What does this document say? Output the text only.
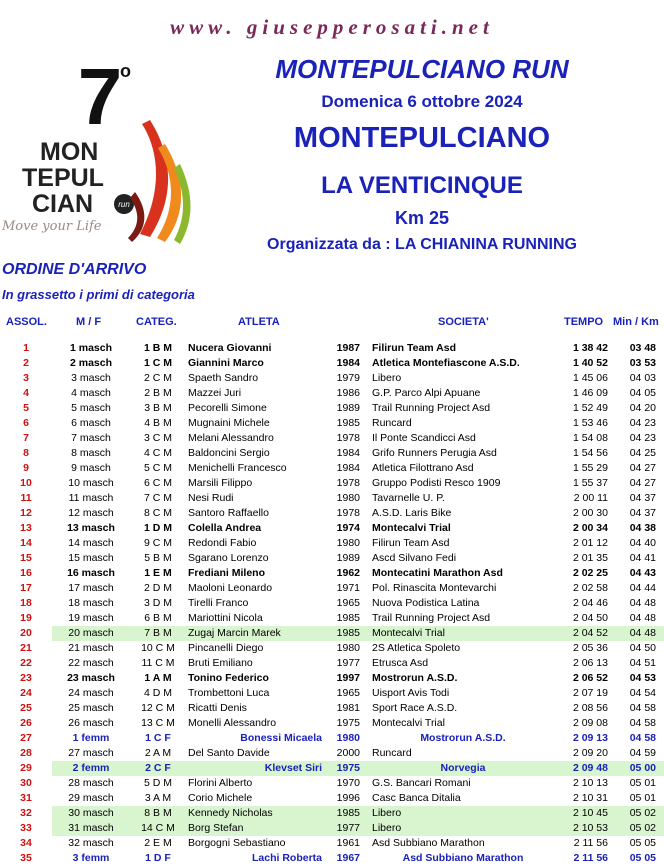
www. giusepperosati.net
7
o
MON
TEPUL
CIAN	run
Move your Life

MONTEPULCIANO RUN

Domenica 6 ottobre 2024

MONTEPULCIANO

LA VENTICINQUE

Km 25

Organizzata da : LA CHIANINA RUNNING

ORDINE D'ARRIVO

In grassetto i primi di categoria

ASSOL.	M / F	CATEG.	ATLETA	SOCIETA'	TEMPO Min / Km
1	1 masch	1 B M	Nucera Giovanni	1987	Filirun Team Asd	1 38 42	03 48
2	2 masch	1 C M	Giannini Marco	1984	Atletica Montefiascone A.S.D.	1 40 52	03 53
3	3 masch	2 C M	Spaeth Sandro	1979	Libero	1 45 06	04 03
4	4 masch	2 B M	Mazzei Juri	1986	G.P. Parco Alpi Apuane	1 46 09	04 05
5	5 masch	3 B M	Pecorelli Simone	1989	Trail Running Project Asd	1 52 49	04 20
6	6 masch	4 B M	Mugnaini Michele	1985	Runcard	1 53 46	04 23
7	7 masch	3 C M	Melani Alessandro	1978	Il Ponte Scandicci Asd	1 54 08	04 23
8	8 masch	4 C M	Baldoncini Sergio	1984	Grifo Runners Perugia Asd	1 54 56	04 25
9	9 masch	5 C M	Menichelli Francesco	1984	Atletica Filottrano Asd	1 55 29	04 27
10	10 masch	6 C M	Marsili Filippo	1978	Gruppo Podisti Resco 1909	1 55 37	04 27
11	11 masch	7 C M	Nesi Rudi	1980	Tavarnelle U. P.	2 00 11	04 37
12	12 masch	8 C M	Santoro Raffaello	1978	A.S.D. Laris Bike	2 00 30	04 37
13	13 masch	1 D M	Colella Andrea	1974	Montecalvi Trial	2 00 34	04 38
14	14 masch	9 C M	Redondi Fabio	1980	Filirun Team Asd	2 01 12	04 40
15	15 masch	5 B M	Sgarano Lorenzo	1989	Ascd Silvano Fedi	2 01 35	04 41
16	16 masch	1 E M	Frediani Mileno	1962	Montecatini Marathon Asd	2 02 25	04 43
17	17 masch	2 D M	Maoloni Leonardo	1971	Pol. Rinascita Montevarchi	2 02 58	04 44
18	18 masch	3 D M	Tirelli Franco	1965	Nuova Podistica Latina	2 04 46	04 48
19	19 masch	6 B M	Mariottini Nicola	1985	Trail Running Project Asd	2 04 50	04 48
20	20 masch	7 B M	Zugaj Marcin Marek	1985	Montecalvi Trial	2 04 52	04 48
21	21 masch	10 C M	Pincanelli Diego	1980	2S Atletica Spoleto	2 05 36	04 50
22	22 masch	11 C M	Bruti Emiliano	1977	Etrusca Asd	2 06 13	04 51
23	23 masch	1 A M	Tonino Federico	1997	Mostrorun A.S.D.	2 06 52	04 53
24	24 masch	4 D M	Trombettoni Luca	1965	Uisport Avis Todi	2 07 19	04 54
25	25 masch	12 C M	Ricatti Denis	1981	Sport Race A.S.D.	2 08 56	04 58
26	26 masch	13 C M	Monelli Alessandro	1975	Montecalvi Trial	2 09 08	04 58
27	1 femm	1 C F	Bonessi Micaela	1980	Mostrorun A.S.D.	2 09 13	04 58
28	27 masch	2 A M	Del Santo Davide	2000	Runcard	2 09 20	04 59
29	2 femm	2 C F	Klevset Siri	1975	Norvegia	2 09 48	05 00
30	28 masch	5 D M	Florini Alberto	1970	G.S. Bancari Romani	2 10 13	05 01
31	29 masch	3 A M	Corio Michele	1996	Casc Banca Ditalia	2 10 31	05 01
32	30 masch	8 B M	Kennedy Nicholas	1985	Libero	2 10 45	05 02
33	31 masch	14 C M	Borg Stefan	1977	Libero	2 10 53	05 02
34	32 masch	2 E M	Borgogni Sebastiano	1961	Asd Subbiano Marathon	2 11 56	05 05
35	3 femm	1 D F	Lachi Roberta	1967	Asd Subbiano Marathon	2 11 56	05 05
